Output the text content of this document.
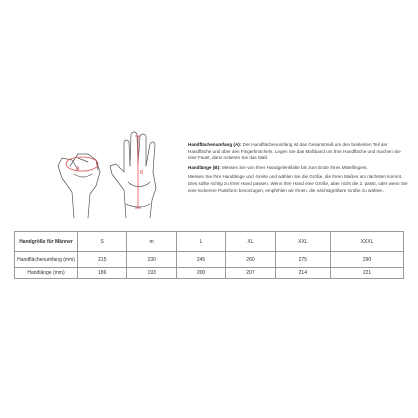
A
B

Handflächenumfang (A): Der Handflächenumfang ist das Gesamtmaß um den breitesten Teil der Handfläche und über den Fingerknöcheln. Legen Sie das Maßband um Ihre Handfläche und machen Sie eine Faust, dann notieren Sie das Maß.

Handlänge (B): Messen Sie von Ihrer Handgelenkfalte bis zum Ende Ihres Mittelfingers.

Messen Sie Ihre Handlänge und -breite und wählen Sie die Größe, die Ihren Maßen am nächsten kommt. Dies sollte richtig zu Ihrer Hand passen. Wenn Ihre Hand eine Größe, aber nicht die 2. passt, oder wenn Sie eine lockerere Passform bevorzugen, empfehlen wir Ihnen, die nächstgrößere Größe zu wählen.

Handgröße für Männer	S	m	L	XL	XXL	XXXL
Handflächenumfang (mm)	215	230	245	260	275	290
Handlänge (mm)	186	193	200	207	214	221
